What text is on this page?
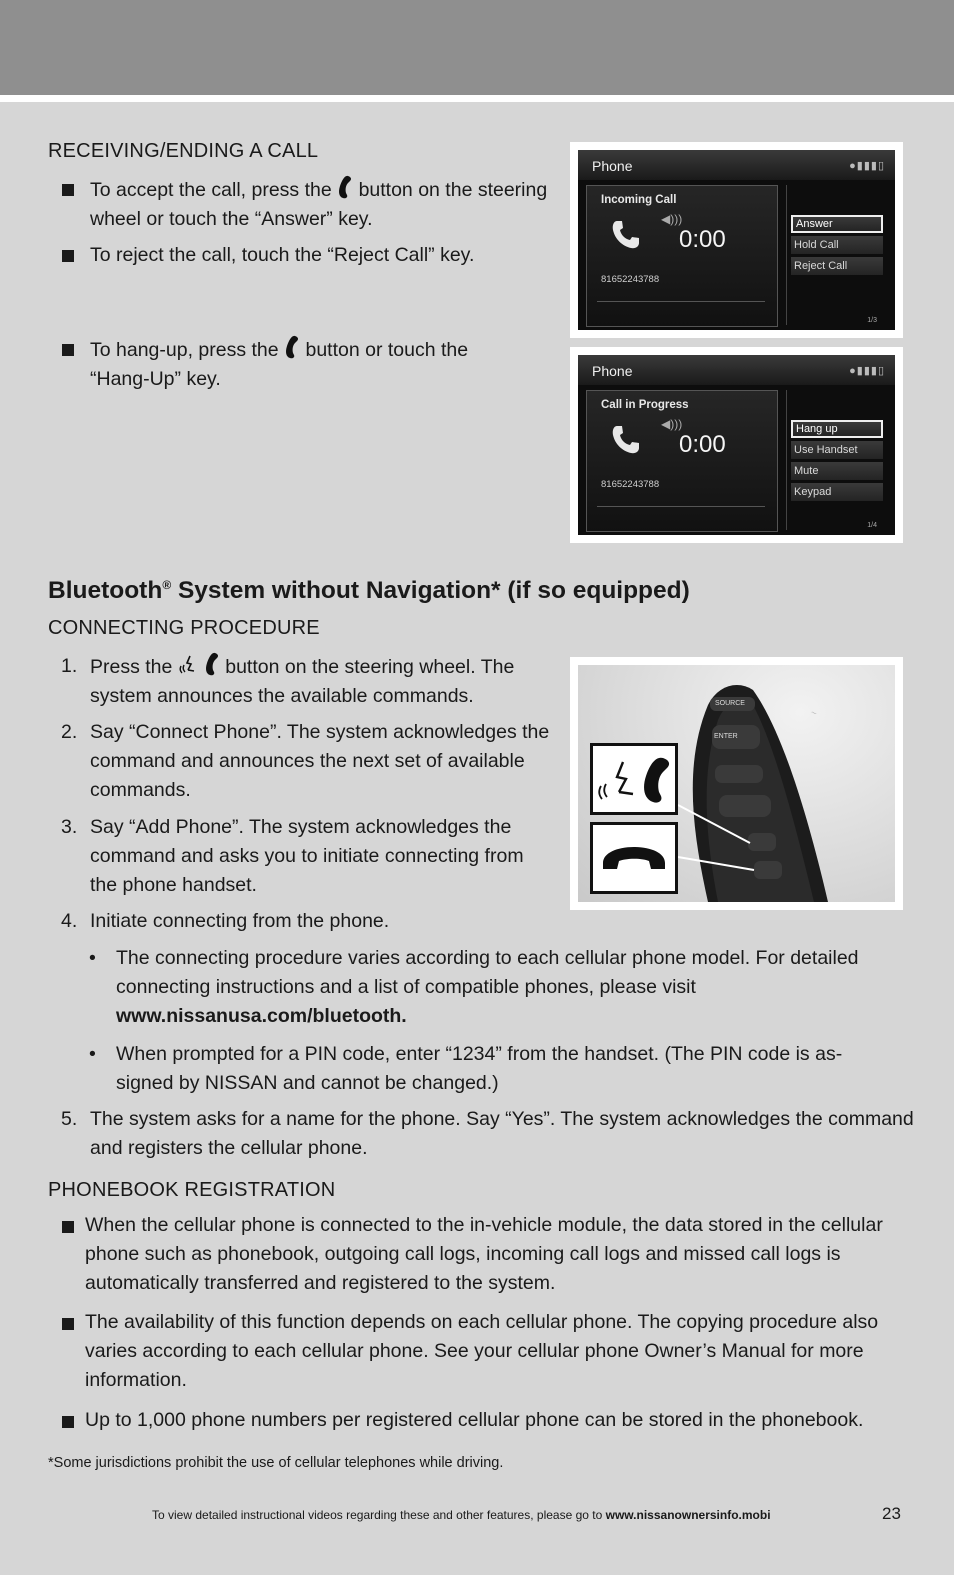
RECEIVING/ENDING A CALL
To accept the call, press the button on the steering
wheel or touch the “Answer” key.
To reject the call, touch the “Reject Call” key.
To hang-up, press the button or touch the
“Hang-Up” key.
Phone	●▮▮▮▯
Incoming Call
◀)))
0:00
81652243788
Answer
Hold Call
Reject Call
1/3
Phone	●▮▮▮▯
Call in Progress
◀)))
0:00
81652243788
Hang up
Use Handset
Mute
Keypad
1/4
Bluetooth® System without Navigation* (if so equipped)
CONNECTING PROCEDURE
1. Press the	button on the steering wheel. The
system announces the available commands.
2. Say “Connect Phone”. The system acknowledges the
command and announces the next set of available
commands.
3. Say “Add Phone”. The system acknowledges the
command and asks you to initiate connecting from
the phone handset.
4. Initiate connecting from the phone.
• The connecting procedure varies according to each cellular phone model. For detailed
connecting instructions and a list of compatible phones, please visit
www.nissanusa.com/bluetooth.
• When prompted for a PIN code, enter “1234” from the handset. (The PIN code is as-
signed by NISSAN and cannot be changed.)
5. The system asks for a name for the phone. Say “Yes”. The system acknowledges the command
and registers the cellular phone.
~
SOURCE
ENTER
PHONEBOOK REGISTRATION
When the cellular phone is connected to the in-vehicle module, the data stored in the cellular
phone such as phonebook, outgoing call logs, incoming call logs and missed call logs is
automatically transferred and registered to the system.
The availability of this function depends on each cellular phone. The copying procedure also
varies according to each cellular phone. See your cellular phone Owner’s Manual for more
information.
Up to 1,000 phone numbers per registered cellular phone can be stored in the phonebook.
*Some jurisdictions prohibit the use of cellular telephones while driving.
To view detailed instructional videos regarding these and other features, please go to www.nissanownersinfo.mobi	23
